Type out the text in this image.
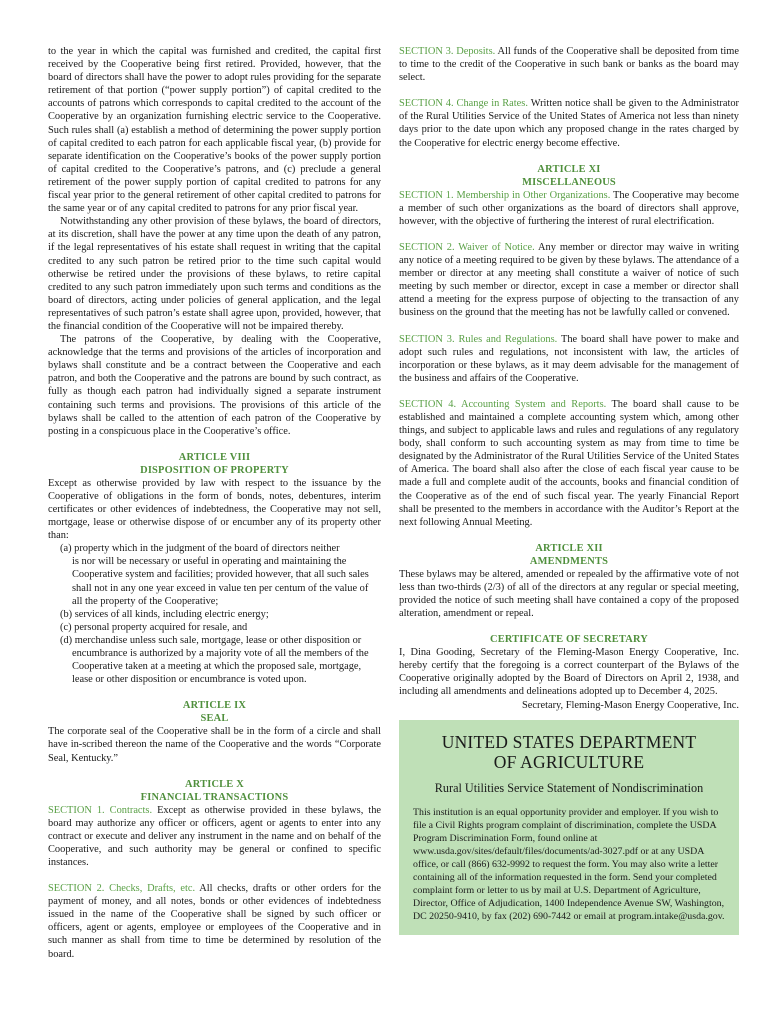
to the year in which the capital was furnished and credited, the capital first received by the Cooperative being first retired. Provided, however, that the board of directors shall have the power to adopt rules providing for the separate retirement of that portion (“power supply portion”) of capital credited to the accounts of patrons which corresponds to capital credited to the account of the Cooperative by an organization furnishing electric service to the Cooperative. Such rules shall (a) establish a method of determining the power supply portion of capital credited to each patron for each applicable fiscal year, (b) provide for separate identification on the Cooperative’s books of the power supply portion of capital credited to the Cooperative’s patrons, and (c) preclude a general retirement of the power supply portion of capital credited to patrons for any fiscal year prior to the general retirement of other capital credited to patrons for the same year or of any capital credited to patrons for any prior fiscal year.

Notwithstanding any other provision of these bylaws, the board of directors, at its discretion, shall have the power at any time upon the death of any patron, if the legal representatives of his estate shall request in writing that the capital credited to any such patron be retired prior to the time such capital would otherwise be retired under the provisions of these bylaws, to retire capital credited to any such patron immediately upon such terms and conditions as the board of directors, acting under policies of general application, and the legal representatives of such patron’s estate shall agree upon, provided, however, that the financial condition of the Cooperative will not be impaired thereby.

The patrons of the Cooperative, by dealing with the Cooperative, acknowledge that the terms and provisions of the articles of incorporation and bylaws shall constitute and be a contract between the Cooperative and each patron, and both the Cooperative and the patrons are bound by such contract, as fully as though each patron had individually signed a separate instrument containing such terms and provisions. The provisions of this article of the bylaws shall be called to the attention of each patron of the Cooperative by posting in a conspicuous place in the Cooperative’s office.

ARTICLE VIII
DISPOSITION OF PROPERTY

Except as otherwise provided by law with respect to the issuance by the Cooperative of obligations in the form of bonds, notes, debentures, interim certificates or other evidences of indebtedness, the Cooperative may not sell, mortgage, lease or otherwise dispose of or encumber any of its property other than:

(a) property which in the judgment of the board of directors neither

is nor will be necessary or useful in operating and maintaining the Cooperative system and facilities; provided however, that all such sales shall not in any one year exceed in value ten per centum of the value of all the property of the Cooperative;

(b) services of all kinds, including electric energy;

(c) personal property acquired for resale, and

(d) merchandise unless such sale, mortgage, lease or other disposition or

encumbrance is authorized by a majority vote of all the members of the Cooperative taken at a meeting at which the proposed sale, mortgage, lease or other disposition or encumbrance is voted upon.

ARTICLE IX
SEAL

The corporate seal of the Cooperative shall be in the form of a circle and shall have in-scribed thereon the name of the Cooperative and the words “Corporate Seal, Kentucky.”

ARTICLE X
FINANCIAL TRANSACTIONS

SECTION 1. Contracts. Except as otherwise provided in these bylaws, the board may authorize any officer or officers, agent or agents to enter into any contract or execute and deliver any instrument in the name and on behalf of the Cooperative, and such authority may be general or confined to specific instances.

SECTION 2. Checks, Drafts, etc. All checks, drafts or other orders for the payment of money, and all notes, bonds or other evidences of indebtedness issued in the name of the Cooperative shall be signed by such officer or officers, agent or agents, employee or employees of the Cooperative and in such manner as shall from time to time be determined by resolution of the board.

SECTION 3. Deposits. All funds of the Cooperative shall be deposited from time to time to the credit of the Cooperative in such bank or banks as the board may select.

SECTION 4. Change in Rates. Written notice shall be given to the Administrator of the Rural Utilities Service of the United States of America not less than ninety days prior to the date upon which any proposed change in the rates charged by the Cooperative for electric energy become effective.

ARTICLE XI
MISCELLANEOUS

SECTION 1. Membership in Other Organizations. The Cooperative may become a member of such other organizations as the board of directors shall approve, however, with the objective of furthering the interest of rural electrification.

SECTION 2. Waiver of Notice. Any member or director may waive in writing any notice of a meeting required to be given by these bylaws. The attendance of a member or director at any meeting shall constitute a waiver of notice of such meeting by such member or director, except in case a member or director shall attend a meeting for the express purpose of objecting to the transaction of any business on the ground that the meeting has not be lawfully called or convened.

SECTION 3. Rules and Regulations. The board shall have power to make and adopt such rules and regulations, not inconsistent with law, the articles of incorporation or these bylaws, as it may deem advisable for the management of the business and affairs of the Cooperative.

SECTION 4. Accounting System and Reports. The board shall cause to be established and maintained a complete accounting system which, among other things, and subject to applicable laws and rules and regulations of any regulatory body, shall conform to such accounting system as may from time to time be designated by the Administrator of the Rural Utilities Service of the United States of America. The board shall also after the close of each fiscal year cause to be made a full and complete audit of the accounts, books and financial condition of the Cooperative as of the end of such fiscal year. The yearly Financial Report shall be presented to the members in accordance with the Auditor’s Report at the next following Annual Meeting.

ARTICLE XII
AMENDMENTS

These bylaws may be altered, amended or repealed by the affirmative vote of not less than two-thirds (2/3) of all of the directors at any regular or special meeting, provided the notice of such meeting shall have contained a copy of the proposed alteration, amendment or repeal.

CERTIFICATE OF SECRETARY

I, Dina Gooding, Secretary of the Fleming-Mason Energy Cooperative, Inc. hereby certify that the foregoing is a correct counterpart of the Bylaws of the Cooperative originally adopted by the Board of Directors on April 2, 1938, and including all amendments and delineations adopted up to December 4, 2025.

Secretary, Fleming-Mason Energy Cooperative, Inc.

UNITED STATES DEPARTMENT
OF AGRICULTURE
Rural Utilities Service Statement of Nondiscrimination
This institution is an equal opportunity provider and employer. If you wish to file a Civil Rights program complaint of discrimination, complete the USDA Program Discrimination Form, found online at www.usda.gov/sites/default/files/documents/ad-3027.pdf or at any USDA office, or call (866) 632-9992 to request the form. You may also write a letter containing all of the information requested in the form. Send your completed complaint form or letter to us by mail at U.S. Department of Agriculture, Director, Office of Adjudication, 1400 Independence Avenue SW, Washington, DC 20250-9410, by fax (202) 690-7442 or email at program.intake@usda.gov.
